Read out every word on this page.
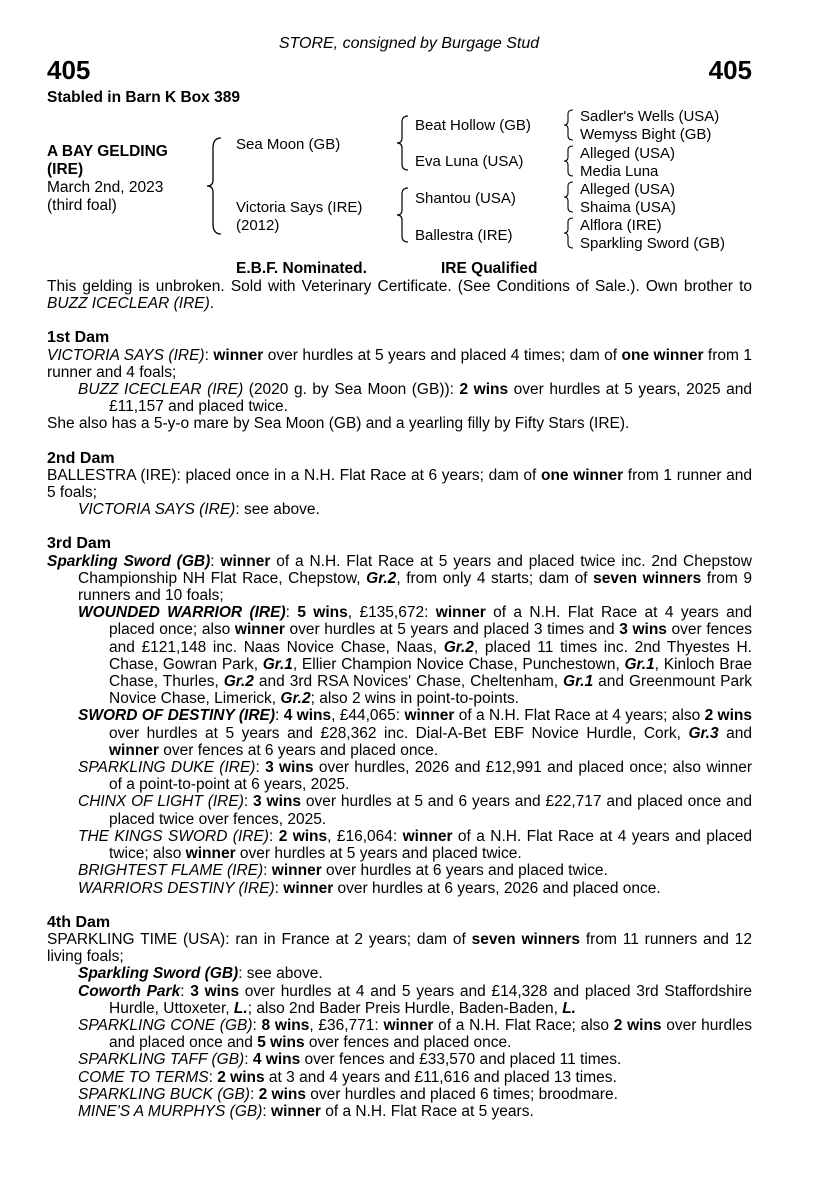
STORE, consigned by Burgage Stud
405	405
Stabled in Barn K Box 389
A BAY GELDING
(IRE)
March 2nd, 2023
(third foal)
Sea Moon (GB)
Victoria Says (IRE)
(2012)
Beat Hollow (GB)
Eva Luna (USA)
Shantou (USA)
Ballestra (IRE)
Sadler's Wells (USA)
Wemyss Bight (GB)
Alleged (USA)
Media Luna
Alleged (USA)
Shaima (USA)
Alflora (IRE)
Sparkling Sword (GB)
E.B.F. Nominated.	IRE Qualified

This gelding is unbroken. Sold with Veterinary Certificate. (See Conditions of Sale.). Own brother to BUZZ ICECLEAR (IRE).

1st Dam

VICTORIA SAYS (IRE): winner over hurdles at 5 years and placed 4 times; dam of one winner from 1 runner and 4 foals;

BUZZ ICECLEAR (IRE) (2020 g. by Sea Moon (GB)): 2 wins over hurdles at 5 years, 2025 and £11,157 and placed twice.

She also has a 5-y-o mare by Sea Moon (GB) and a yearling filly by Fifty Stars (IRE).

2nd Dam

BALLESTRA (IRE): placed once in a N.H. Flat Race at 6 years; dam of one winner from 1 runner and 5 foals;

VICTORIA SAYS (IRE): see above.

3rd Dam

Sparkling Sword (GB): winner of a N.H. Flat Race at 5 years and placed twice inc. 2nd Chepstow Championship NH Flat Race, Chepstow, Gr.2, from only 4 starts; dam of seven winners from 9 runners and 10 foals;

WOUNDED WARRIOR (IRE): 5 wins, £135,672: winner of a N.H. Flat Race at 4 years and placed once; also winner over hurdles at 5 years and placed 3 times and 3 wins over fences and £121,148 inc. Naas Novice Chase, Naas, Gr.2, placed 11 times inc. 2nd Thyestes H. Chase, Gowran Park, Gr.1, Ellier Champion Novice Chase, Punchestown, Gr.1, Kinloch Brae Chase, Thurles, Gr.2 and 3rd RSA Novices' Chase, Cheltenham, Gr.1 and Greenmount Park Novice Chase, Limerick, Gr.2; also 2 wins in point-to-points.

SWORD OF DESTINY (IRE): 4 wins, £44,065: winner of a N.H. Flat Race at 4 years; also 2 wins over hurdles at 5 years and £28,362 inc. Dial-A-Bet EBF Novice Hurdle, Cork, Gr.3 and winner over fences at 6 years and placed once.

SPARKLING DUKE (IRE): 3 wins over hurdles, 2026 and £12,991 and placed once; also winner of a point-to-point at 6 years, 2025.

CHINX OF LIGHT (IRE): 3 wins over hurdles at 5 and 6 years and £22,717 and placed once and placed twice over fences, 2025.

THE KINGS SWORD (IRE): 2 wins, £16,064: winner of a N.H. Flat Race at 4 years and placed twice; also winner over hurdles at 5 years and placed twice.

BRIGHTEST FLAME (IRE): winner over hurdles at 6 years and placed twice.

WARRIORS DESTINY (IRE): winner over hurdles at 6 years, 2026 and placed once.

4th Dam

SPARKLING TIME (USA): ran in France at 2 years; dam of seven winners from 11 runners and 12 living foals;

Sparkling Sword (GB): see above.

Coworth Park: 3 wins over hurdles at 4 and 5 years and £14,328 and placed 3rd Staffordshire Hurdle, Uttoxeter, L.; also 2nd Bader Preis Hurdle, Baden-Baden, L.

SPARKLING CONE (GB): 8 wins, £36,771: winner of a N.H. Flat Race; also 2 wins over hurdles and placed once and 5 wins over fences and placed once.

SPARKLING TAFF (GB): 4 wins over fences and £33,570 and placed 11 times.

COME TO TERMS: 2 wins at 3 and 4 years and £11,616 and placed 13 times.

SPARKLING BUCK (GB): 2 wins over hurdles and placed 6 times; broodmare.

MINE'S A MURPHYS (GB): winner of a N.H. Flat Race at 5 years.
